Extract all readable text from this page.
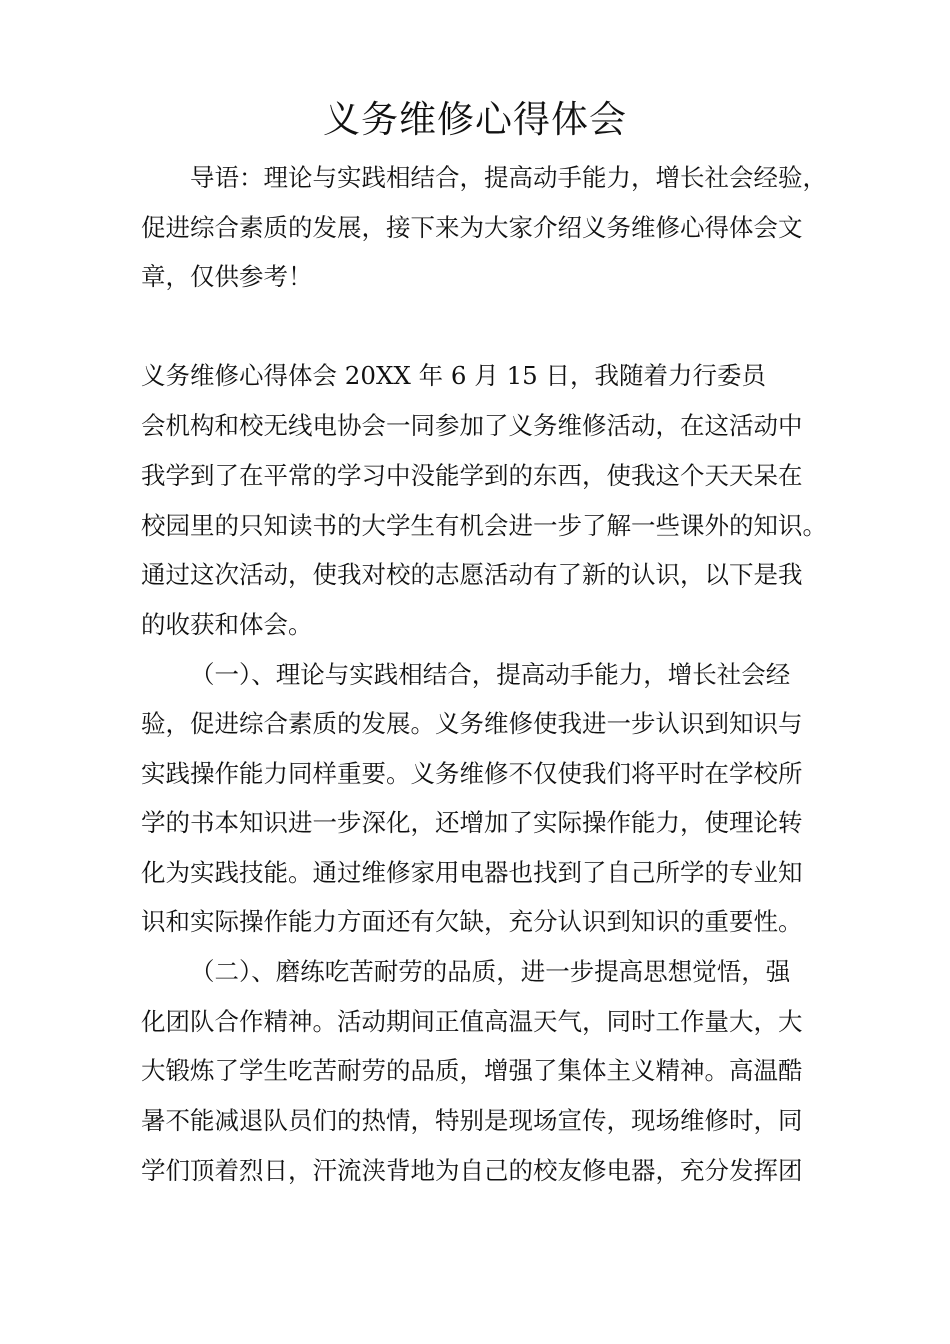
义务维修心得体会

导语：理论与实践相结合，提高动手能力，增长社会经验，

促进综合素质的发展，接下来为大家介绍义务维修心得体会文

章，仅供参考！

义务维修心得体会 20XX 年 6 月 15 日，我随着力行委员

会机构和校无线电协会一同参加了义务维修活动，在这活动中

我学到了在平常的学习中没能学到的东西，使我这个天天呆在

校园里的只知读书的大学生有机会进一步了解一些课外的知识。

通过这次活动，使我对校的志愿活动有了新的认识，以下是我

的收获和体会。

（一）、理论与实践相结合，提高动手能力，增长社会经

验，促进综合素质的发展。义务维修使我进一步认识到知识与

实践操作能力同样重要。义务维修不仅使我们将平时在学校所

学的书本知识进一步深化，还增加了实际操作能力，使理论转

化为实践技能。通过维修家用电器也找到了自己所学的专业知

识和实际操作能力方面还有欠缺，充分认识到知识的重要性。

（二）、磨练吃苦耐劳的品质，进一步提高思想觉悟，强

化团队合作精神。活动期间正值高温天气，同时工作量大，大

大锻炼了学生吃苦耐劳的品质，增强了集体主义精神。高温酷

暑不能减退队员们的热情，特别是现场宣传，现场维修时，同

学们顶着烈日，汗流浃背地为自己的校友修电器，充分发挥团
